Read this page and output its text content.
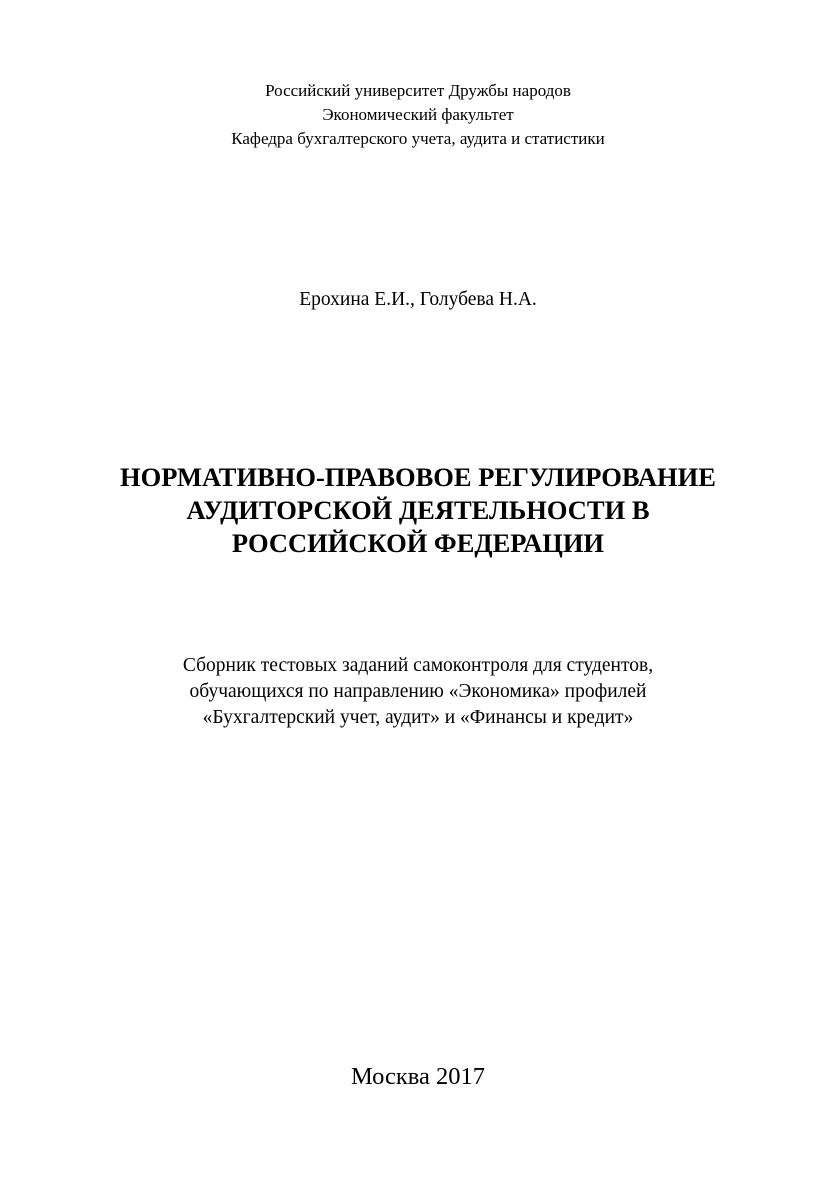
Российский университет Дружбы народов
Экономический факультет
Кафедра бухгалтерского учета, аудита и статистики
Ерохина Е.И., Голубева Н.А.
НОРМАТИВНО-ПРАВОВОЕ РЕГУЛИРОВАНИЕ
АУДИТОРСКОЙ ДЕЯТЕЛЬНОСТИ В
РОССИЙСКОЙ ФЕДЕРАЦИИ
Сборник тестовых заданий самоконтроля для студентов,
обучающихся по направлению «Экономика» профилей
«Бухгалтерский учет, аудит» и «Финансы и кредит»
Москва 2017
